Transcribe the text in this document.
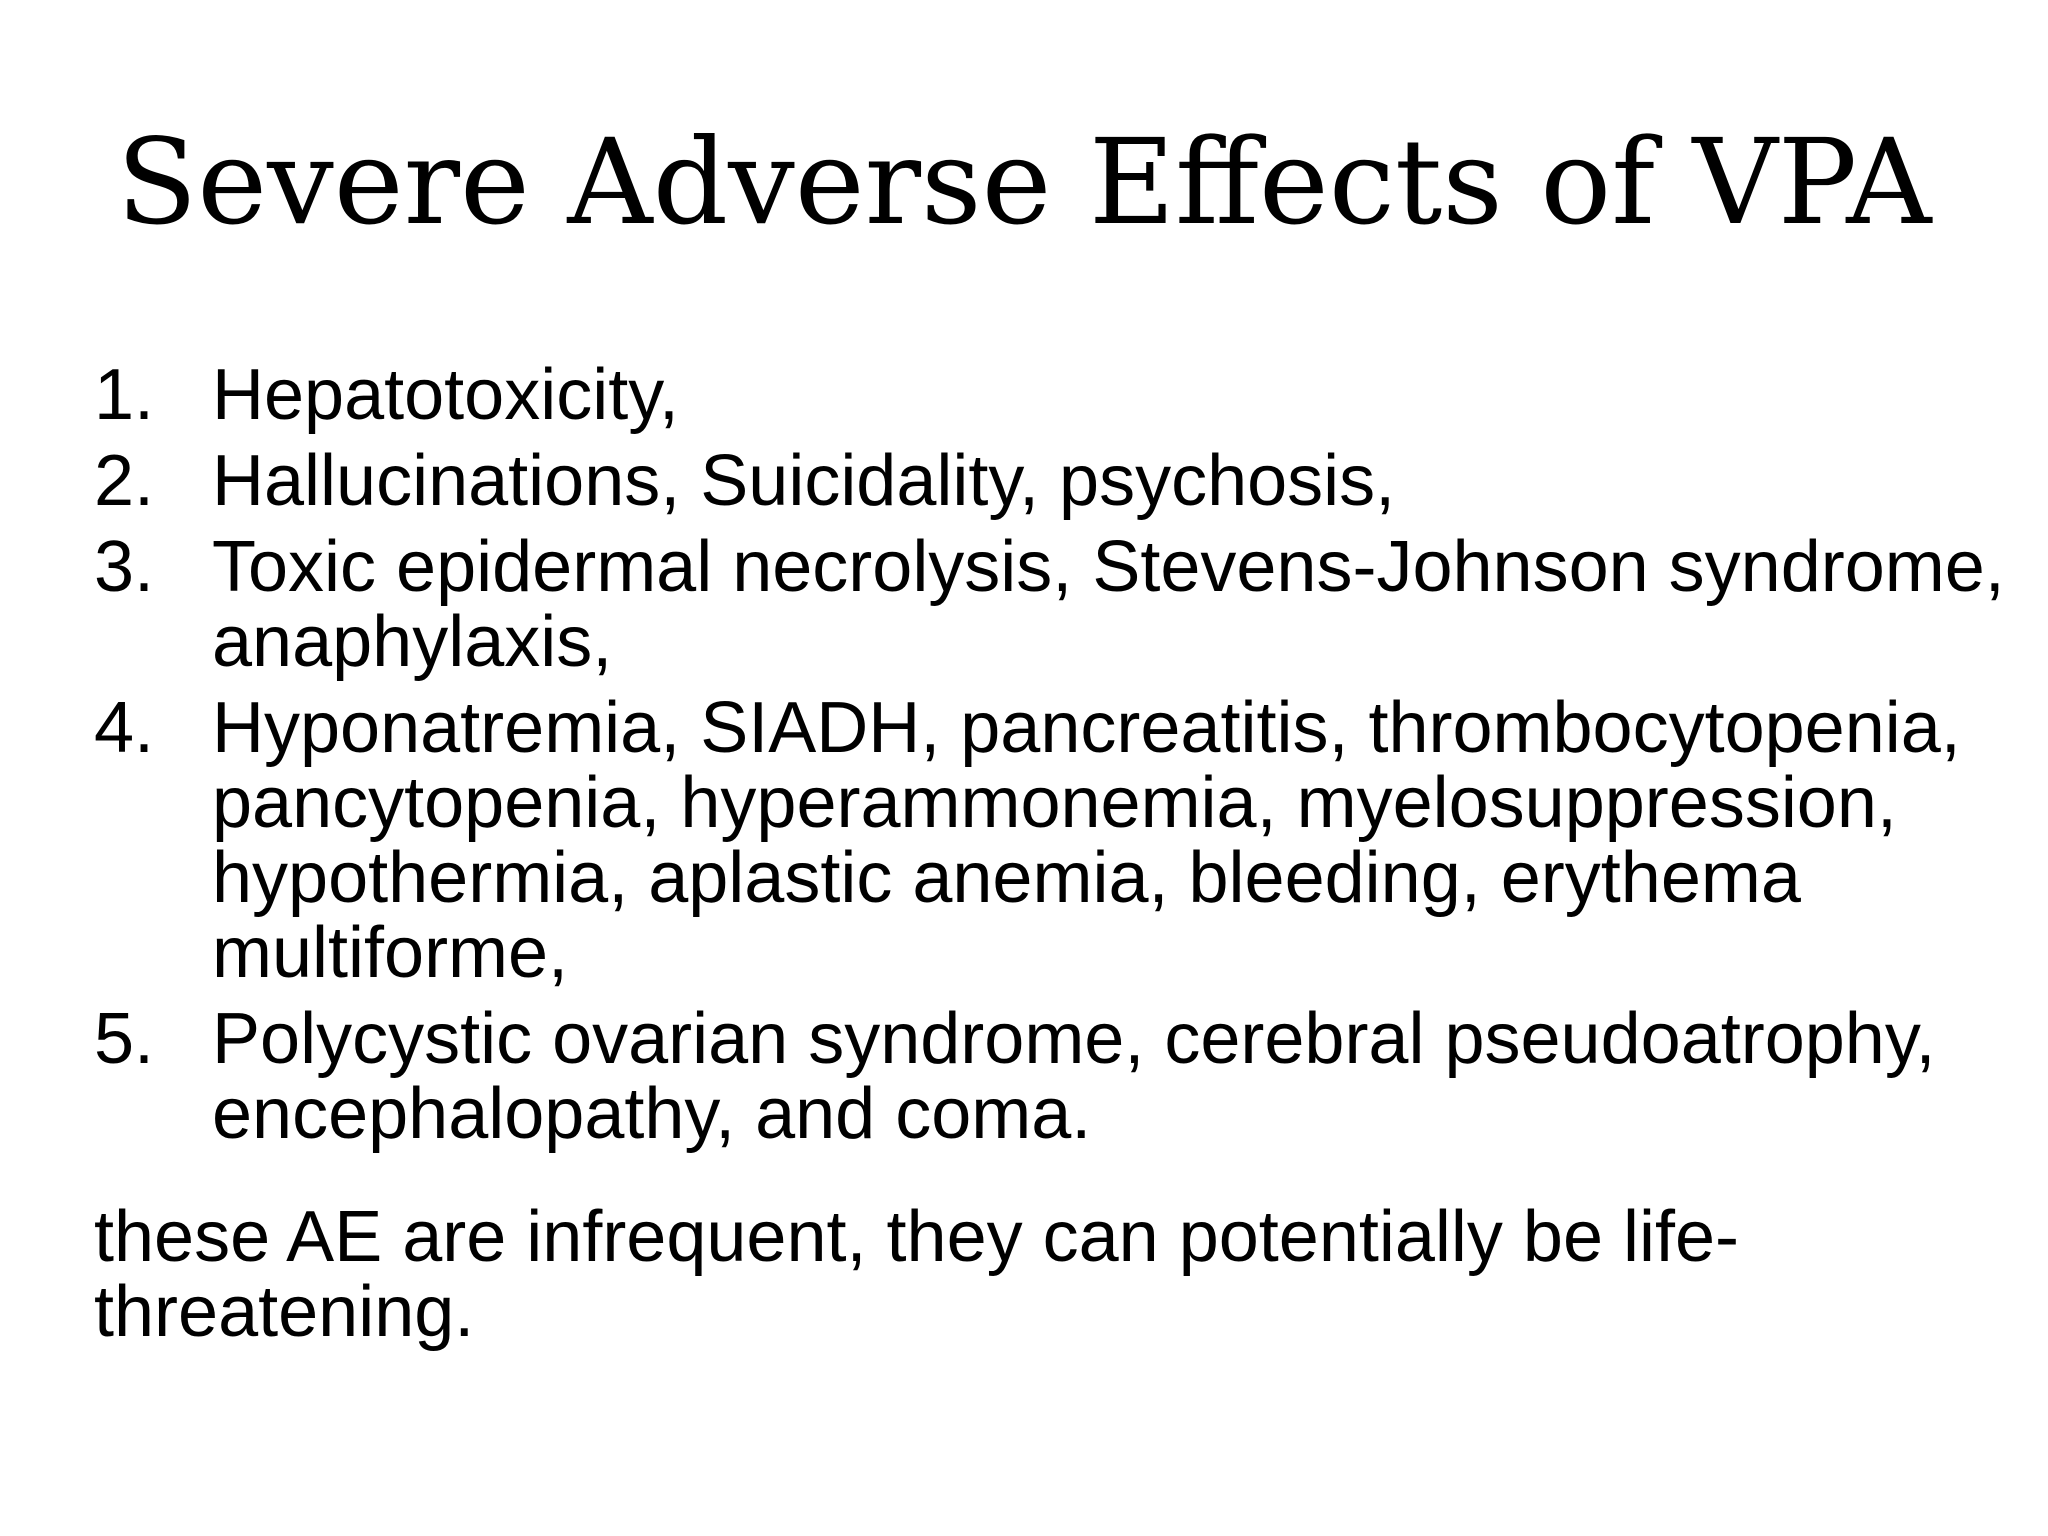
Severe Adverse Effects of VPA
1. Hepatotoxicity,
2. Hallucinations, Suicidality, psychosis,
3. Toxic epidermal necrolysis, Stevens-Johnson syndrome, anaphylaxis,
4. Hyponatremia, SIADH, pancreatitis, thrombocytopenia, pancytopenia, hyperammonemia, myelosuppression, hypothermia, aplastic anemia, bleeding, erythema multiforme,
5. Polycystic ovarian syndrome, cerebral pseudoatrophy, encephalopathy, and coma.

these AE are infrequent, they can potentially be life-threatening.
